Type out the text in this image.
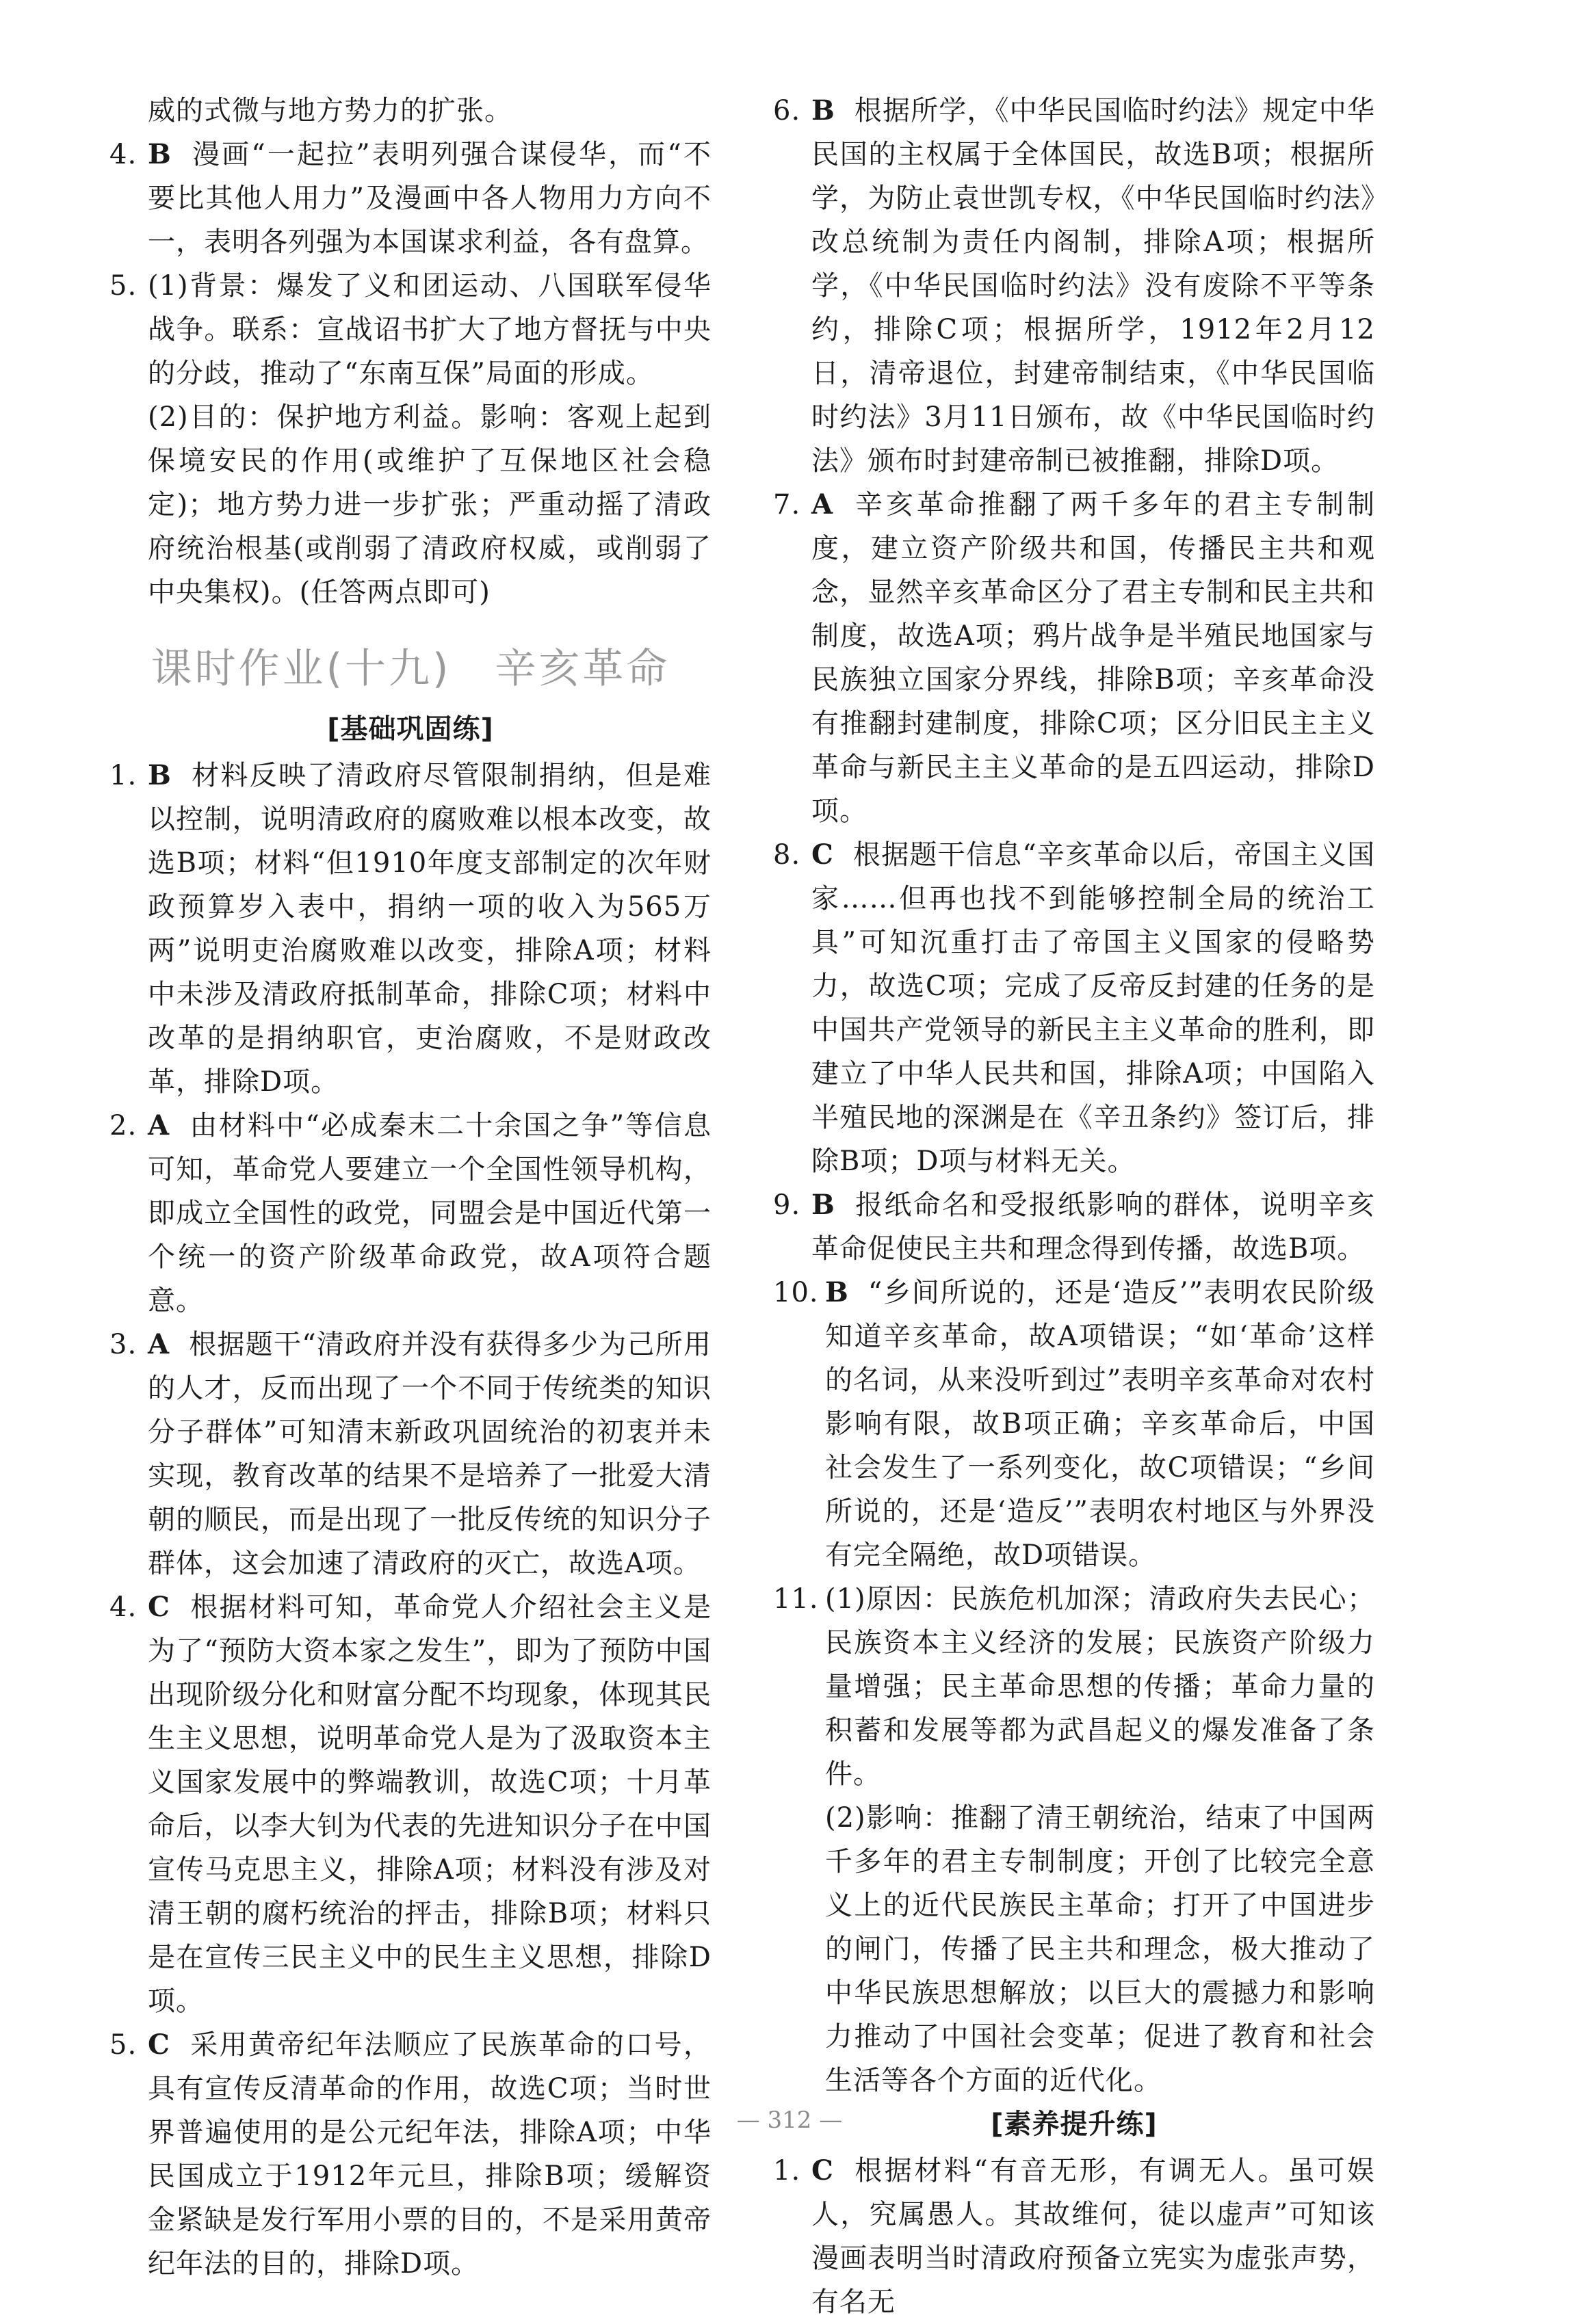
威的式微与地方势力的扩张。
4. B 漫画“一起拉”表明列强合谋侵华，而“不要比其他人用力”及漫画中各人物用力方向不一，表明各列强为本国谋求利益，各有盘算。
5. (1)背景：爆发了义和团运动、八国联军侵华战争。联系：宣战诏书扩大了地方督抚与中央的分歧，推动了“东南互保”局面的形成。
(2)目的：保护地方利益。影响：客观上起到保境安民的作用(或维护了互保地区社会稳定)；地方势力进一步扩张；严重动摇了清政府统治根基(或削弱了清政府权威，或削弱了中央集权)。(任答两点即可)
课时作业(十九)　辛亥革命
[基础巩固练]
1. B 材料反映了清政府尽管限制捐纳，但是难以控制，说明清政府的腐败难以根本改变，故选B项；材料“但1910年度支部制定的次年财政预算岁入表中，捐纳一项的收入为565万两”说明吏治腐败难以改变，排除A项；材料中未涉及清政府抵制革命，排除C项；材料中改革的是捐纳职官，吏治腐败，不是财政改革，排除D项。
2. A 由材料中“必成秦末二十余国之争”等信息可知，革命党人要建立一个全国性领导机构，即成立全国性的政党，同盟会是中国近代第一个统一的资产阶级革命政党，故A项符合题意。
3. A 根据题干“清政府并没有获得多少为己所用的人才，反而出现了一个不同于传统类的知识分子群体”可知清末新政巩固统治的初衷并未实现，教育改革的结果不是培养了一批爱大清朝的顺民，而是出现了一批反传统的知识分子群体，这会加速了清政府的灭亡，故选A项。
4. C 根据材料可知，革命党人介绍社会主义是为了“预防大资本家之发生”，即为了预防中国出现阶级分化和财富分配不均现象，体现其民生主义思想，说明革命党人是为了汲取资本主义国家发展中的弊端教训，故选C项；十月革命后，以李大钊为代表的先进知识分子在中国宣传马克思主义，排除A项；材料没有涉及对清王朝的腐朽统治的抨击，排除B项；材料只是在宣传三民主义中的民生主义思想，排除D项。
5. C 采用黄帝纪年法顺应了民族革命的口号，具有宣传反清革命的作用，故选C项；当时世界普遍使用的是公元纪年法，排除A项；中华民国成立于1912年元旦，排除B项；缓解资金紧缺是发行军用小票的目的，不是采用黄帝纪年法的目的，排除D项。
6. B 根据所学，《中华民国临时约法》规定中华民国的主权属于全体国民，故选B项；根据所学，为防止袁世凯专权，《中华民国临时约法》改总统制为责任内阁制，排除A项；根据所学，《中华民国临时约法》没有废除不平等条约，排除C项；根据所学，1912年2月12日，清帝退位，封建帝制结束，《中华民国临时约法》3月11日颁布，故《中华民国临时约法》颁布时封建帝制已被推翻，排除D项。
7. A 辛亥革命推翻了两千多年的君主专制制度，建立资产阶级共和国，传播民主共和观念，显然辛亥革命区分了君主专制和民主共和制度，故选A项；鸦片战争是半殖民地国家与民族独立国家分界线，排除B项；辛亥革命没有推翻封建制度，排除C项；区分旧民主主义革命与新民主主义革命的是五四运动，排除D项。
8. C 根据题干信息“辛亥革命以后，帝国主义国家……但再也找不到能够控制全局的统治工具”可知沉重打击了帝国主义国家的侵略势力，故选C项；完成了反帝反封建的任务的是中国共产党领导的新民主主义革命的胜利，即建立了中华人民共和国，排除A项；中国陷入半殖民地的深渊是在《辛丑条约》签订后，排除B项；D项与材料无关。
9. B 报纸命名和受报纸影响的群体，说明辛亥革命促使民主共和理念得到传播，故选B项。
10. B “乡间所说的，还是‘造反’”表明农民阶级知道辛亥革命，故A项错误；“如‘革命’这样的名词，从来没听到过”表明辛亥革命对农村影响有限，故B项正确；辛亥革命后，中国社会发生了一系列变化，故C项错误；“乡间所说的，还是‘造反’”表明农村地区与外界没有完全隔绝，故D项错误。
11. (1)原因：民族危机加深；清政府失去民心；民族资本主义经济的发展；民族资产阶级力量增强；民主革命思想的传播；革命力量的积蓄和发展等都为武昌起义的爆发准备了条件。
(2)影响：推翻了清王朝统治，结束了中国两千多年的君主专制制度；开创了比较完全意义上的近代民族民主革命；打开了中国进步的闸门，传播了民主共和理念，极大推动了中华民族思想解放；以巨大的震撼力和影响力推动了中国社会变革；促进了教育和社会生活等各个方面的近代化。
[素养提升练]
1. C 根据材料“有音无形，有调无人。虽可娱人，究属愚人。其故维何，徒以虚声”可知该漫画表明当时清政府预备立宪实为虚张声势，有名无
— 312 —
